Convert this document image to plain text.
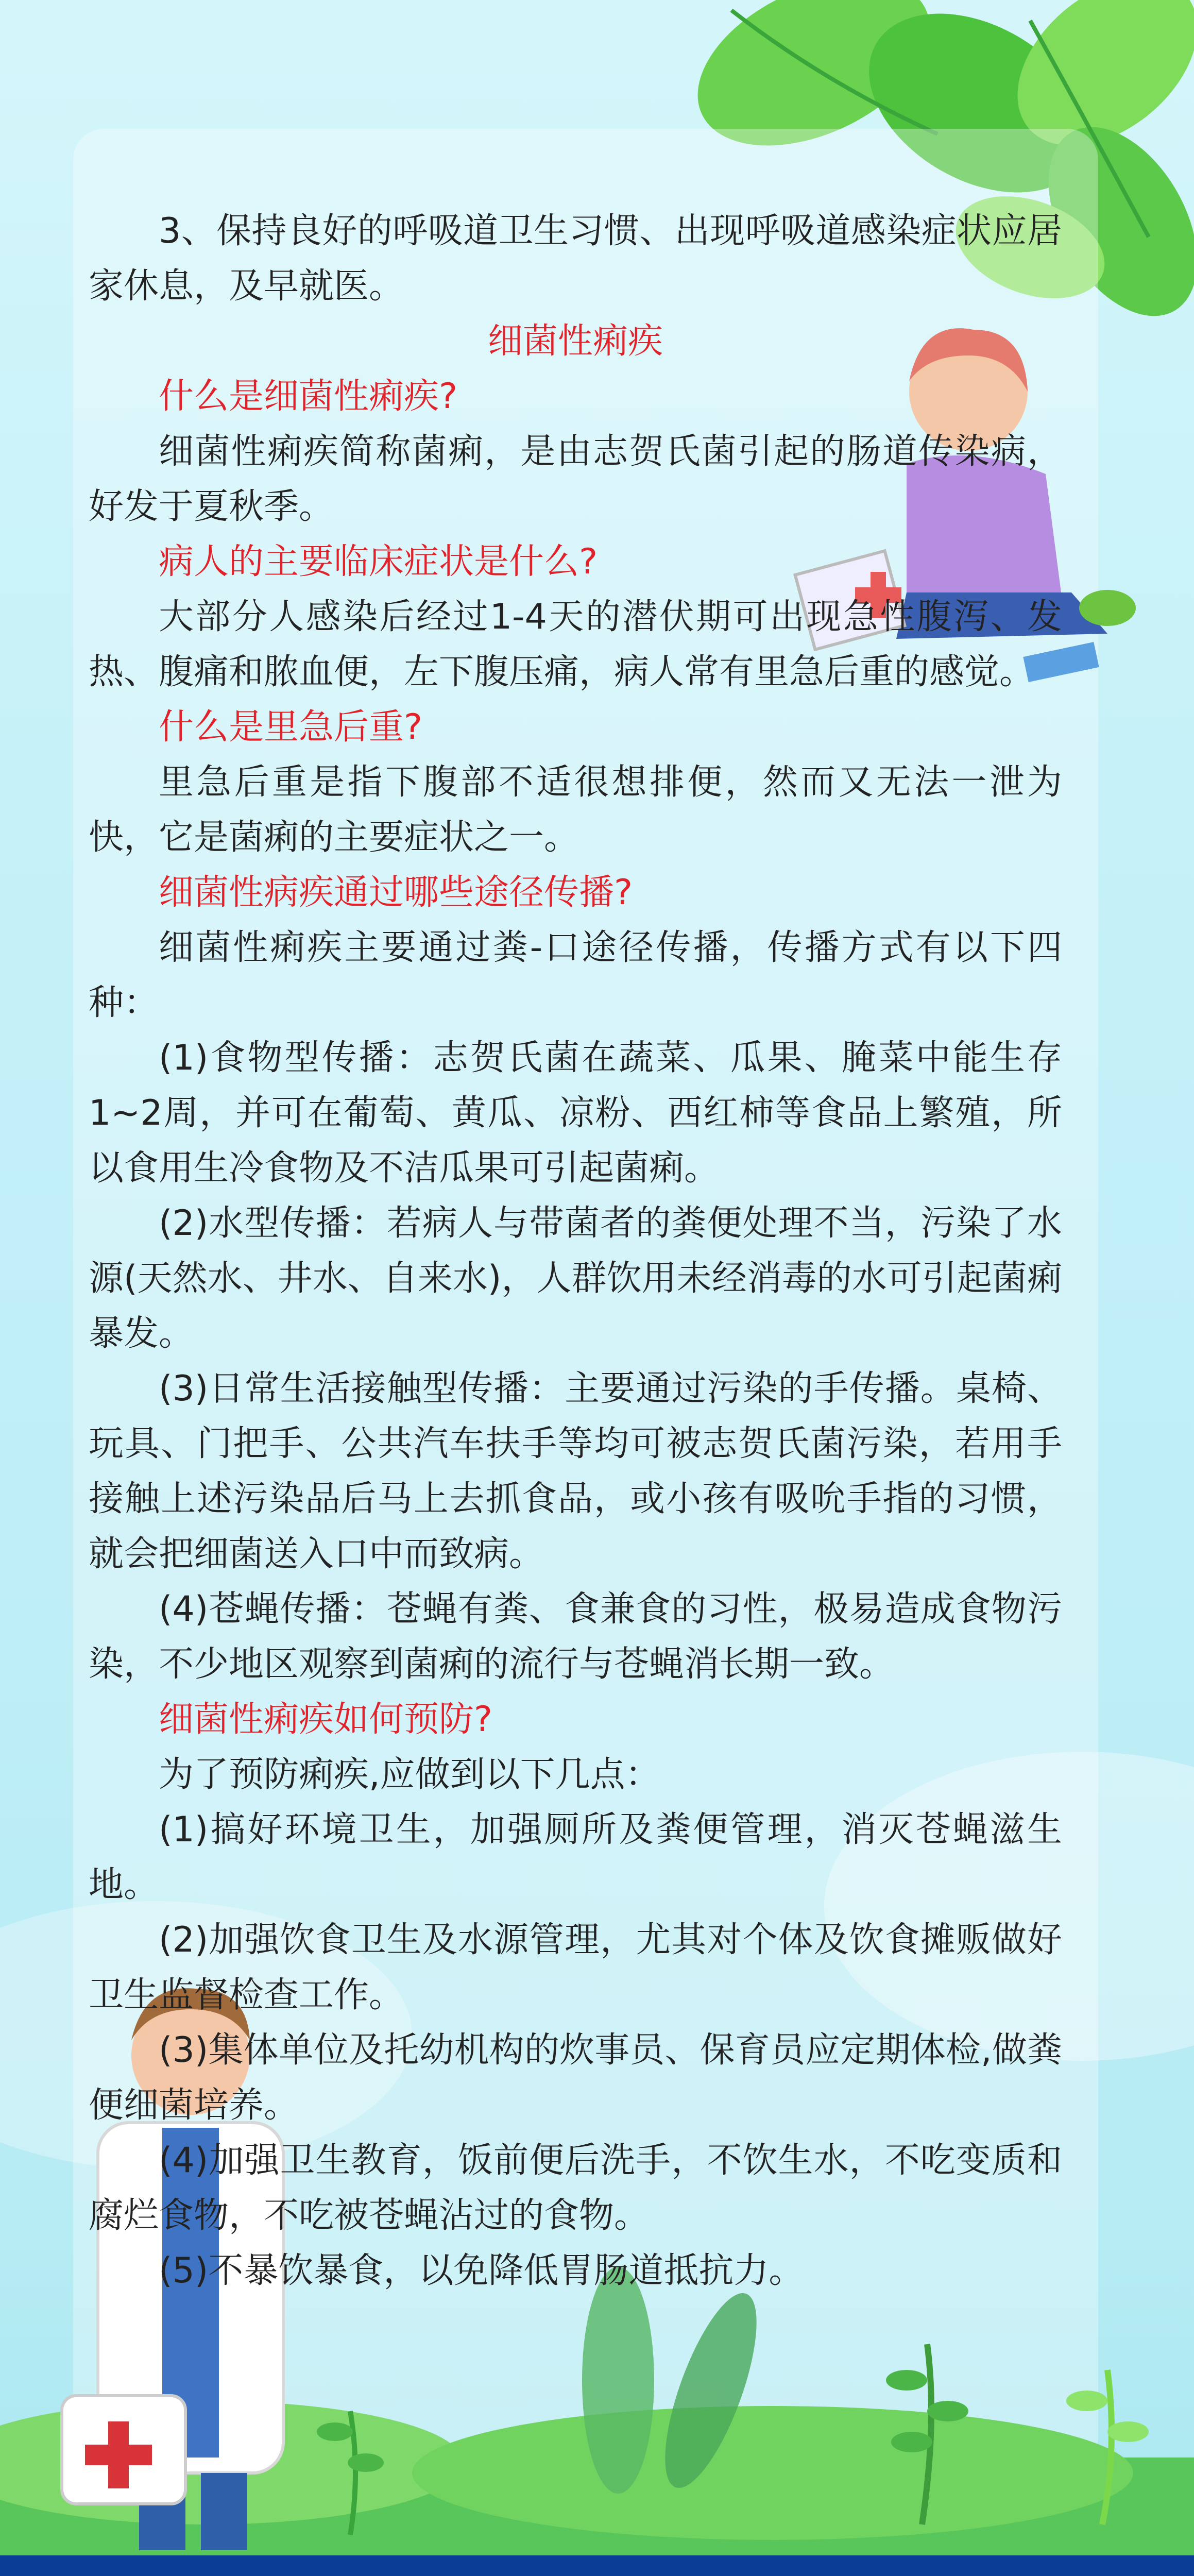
3、保持良好的呼吸道卫生习惯、出现呼吸道感染症状应居家休息，及早就医。

细菌性痢疾

什么是细菌性痢疾?

细菌性痢疾简称菌痢，是由志贺氏菌引起的肠道传染病，好发于夏秋季。

病人的主要临床症状是什么?

大部分人感染后经过1-4天的潜伏期可出现急性腹泻、发热、腹痛和脓血便，左下腹压痛，病人常有里急后重的感觉。

什么是里急后重?

里急后重是指下腹部不适很想排便，然而又无法一泄为快，它是菌痢的主要症状之一。

细菌性病疾通过哪些途径传播?

细菌性痢疾主要通过粪-口途径传播，传播方式有以下四种：

(1)食物型传播：志贺氏菌在蔬菜、瓜果、腌菜中能生存1~2周，并可在葡萄、黄瓜、凉粉、西红柿等食品上繁殖，所以食用生冷食物及不洁瓜果可引起菌痢。

(2)水型传播：若病人与带菌者的粪便处理不当，污染了水源(天然水、井水、自来水)，人群饮用未经消毒的水可引起菌痢暴发。

(3)日常生活接触型传播：主要通过污染的手传播。桌椅、玩具、门把手、公共汽车扶手等均可被志贺氏菌污染，若用手接触上述污染品后马上去抓食品，或小孩有吸吮手指的习惯，就会把细菌送入口中而致病。

(4)苍蝇传播：苍蝇有粪、食兼食的习性，极易造成食物污染，不少地区观察到菌痢的流行与苍蝇消长期一致。

细菌性痢疾如何预防?

为了预防痢疾,应做到以下几点：

(1)搞好环境卫生，加强厕所及粪便管理，消灭苍蝇滋生地。

(2)加强饮食卫生及水源管理，尤其对个体及饮食摊贩做好卫生监督检查工作。

(3)集体单位及托幼机构的炊事员、保育员应定期体检,做粪便细菌培养。

(4)加强卫生教育，饭前便后洗手，不饮生水，不吃变质和腐烂食物，不吃被苍蝇沾过的食物。

(5)不暴饮暴食，以免降低胃肠道抵抗力。
